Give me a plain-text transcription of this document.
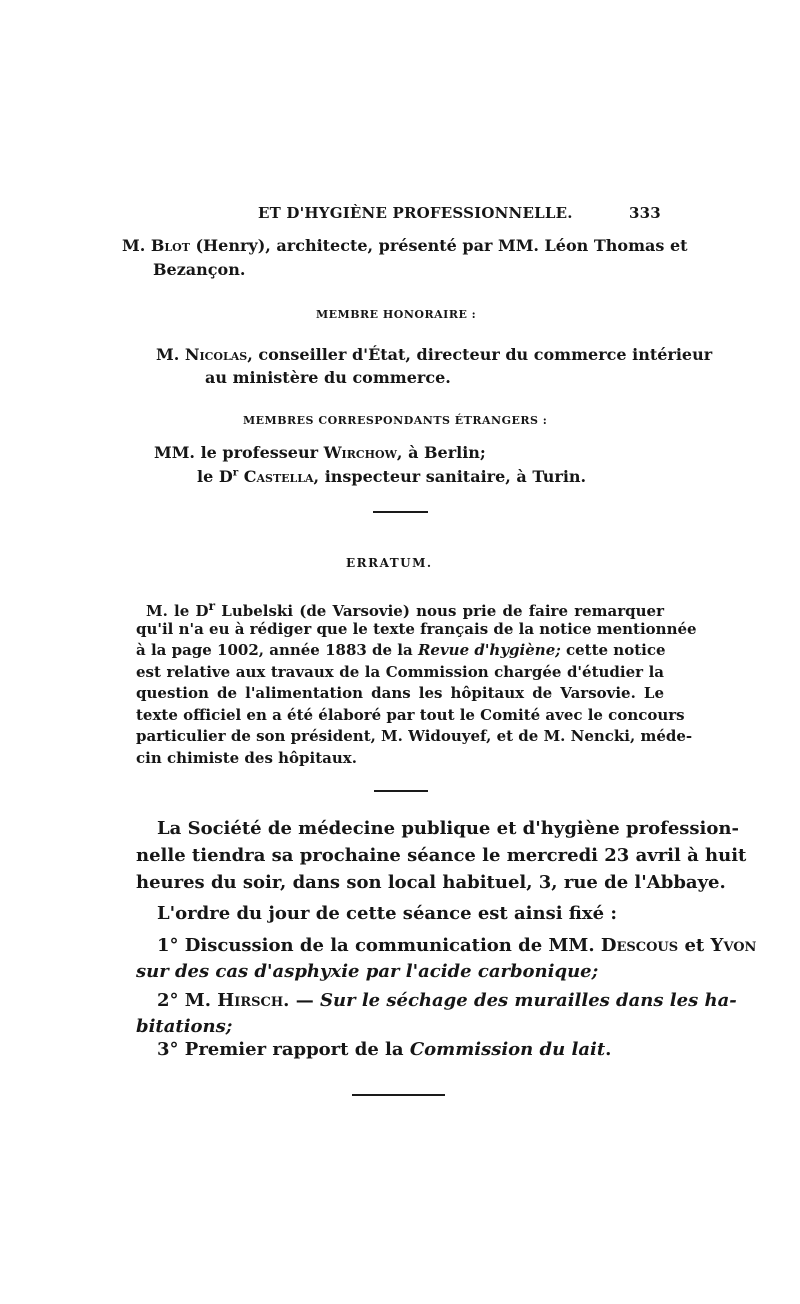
ET D'HYGIÈNE PROFESSIONNELLE.	333
M. Blot (Henry), architecte, présenté par MM. Léon Thomas et
Bezançon.
MEMBRE HONORAIRE :
M. Nicolas, conseiller d'État, directeur du commerce intérieur
au ministère du commerce.
MEMBRES CORRESPONDANTS ÉTRANGERS :
MM. le professeur Wirchow, à Berlin;
le $D^r$ Castella, inspecteur sanitaire, à Turin.
ERRATUM.
M. le $D^r$ Lubelski (de Varsovie) nous prie de faire remarquer
qu'il n'a eu à rédiger que le texte français de la notice mentionnée
à la page 1002, année 1883 de la Revue d'hygiène; cette notice
est relative aux travaux de la Commission chargée d'étudier la
question de l'alimentation dans les hôpitaux de Varsovie. Le
texte officiel en a été élaboré par tout le Comité avec le concours
particulier de son président, M. Widouyef, et de M. Nencki, méde-
cin chimiste des hôpitaux.
La Société de médecine publique et d'hygiène profession-
nelle tiendra sa prochaine séance le mercredi 23 avril à huit
heures du soir, dans son local habituel, 3, rue de l'Abbaye.
L'ordre du jour de cette séance est ainsi fixé :
1° Discussion de la communication de MM. Descous et Yvon
sur des cas d'asphyxie par l'acide carbonique;
2° M. Hirsch. — Sur le séchage des murailles dans les ha-
bitations;
3° Premier rapport de la Commission du lait.
